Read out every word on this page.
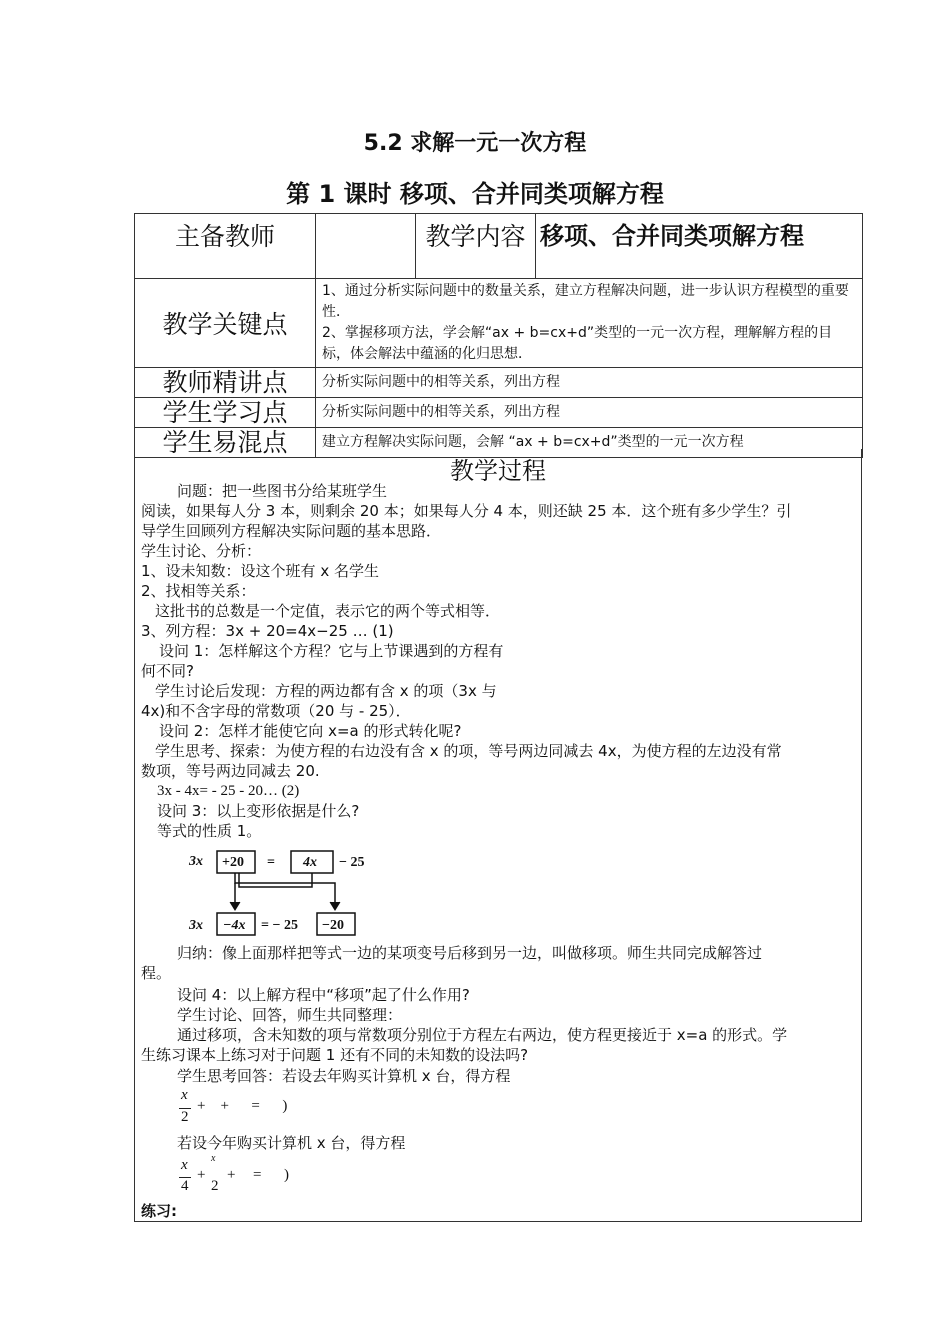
5.2 求解一元一次方程
第 1 课时 移项、合并同类项解方程
主备教师		教学内容	移项、合并同类项解方程

教学关键点	1、通过分析实际问题中的数量关系，建立方程解决问题，进一步认识方程模型的重要性．
2、掌握移项方法，学会解“ax + b=cx+d”类型的一元一次方程，理解解方程的目标，体会解法中蕴涵的化归思想．		

教师精讲点	分析实际问题中的相等关系，列出方程		
学生学习点	分析实际问题中的相等关系，列出方程		
学生易混点	建立方程解决实际问题，会解 “ax + b=cx+d”类型的一元一次方程		
教学过程
问题：把一些图书分给某班学生
阅读，如果每人分 3 本，则剩余 20 本；如果每人分 4 本，则还缺 25 本．这个班有多少学生？引
导学生回顾列方程解决实际问题的基本思路．
学生讨论、分析：
1、设未知数：设这个班有 x 名学生
2、找相等关系：
这批书的总数是一个定值，表示它的两个等式相等．
3、列方程：3x + 20=4x−25 … (1)
设问 1：怎样解这个方程？它与上节课遇到的方程有
何不同?
学生讨论后发现：方程的两边都有含 x 的项（3x 与
4x)和不含字母的常数项（20 与 - 25）．
设问 2：怎样才能使它向 x=a 的形式转化呢?
学生思考、探索：为使方程的右边没有含 x 的项，等号两边同减去 4x，为使方程的左边没有常
数项，等号两边同减去 20.
3x - 4x= - 25 - 20… (2)
设问 3：以上变形依据是什么?
等式的性质 1。
3x +20 = 4x − 25
3x −4x = − 25 −20
归纳：像上面那样把等式一边的某项变号后移到另一边，叫做移项。师生共同完成解答过
程。
设问 4：以上解方程中“移项”起了什么作用?
学生讨论、回答，师生共同整理：
通过移项，含未知数的项与常数项分别位于方程左右两边，使方程更接近于 x=a 的形式。学
生练习课本上练习对于问题 1 还有不同的未知数的设法吗?
学生思考回答：若设去年购买计算机 x 台，得方程
x
2
+    +      =      )
若设今年购买计算机 x 台，得方程
x
4
+
x
2
+ =      )
练习:
